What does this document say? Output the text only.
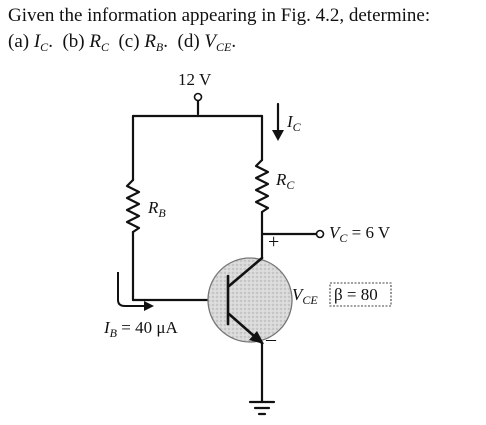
Given the information appearing in Fig. 4.2, determine:
(a) $I_C$. (b) $R_C$ (c) $R_B$. (d) $V_{CE}$.
12 V
$I_C$
$R_C$
$R_B$
$V_C = 6$ V
+
$V_{CE}$ β = 80
–
$I_B = 40$ μA
